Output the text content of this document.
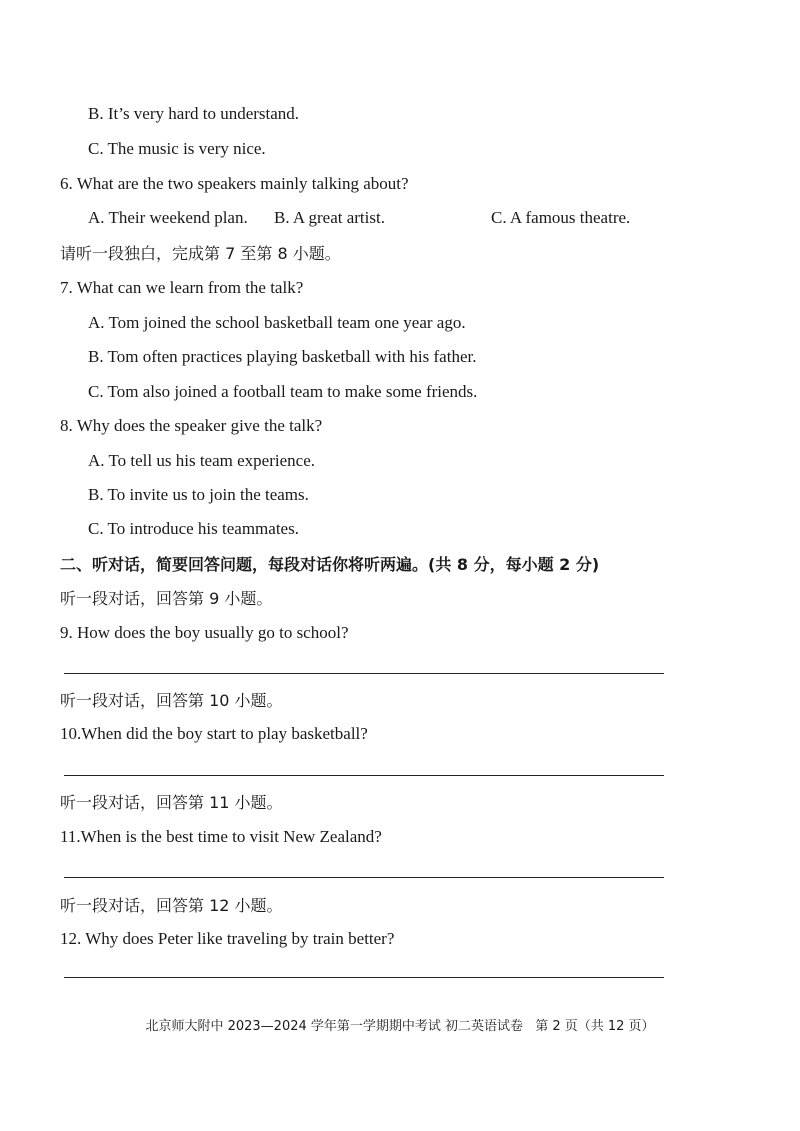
B. It’s very hard to understand.
C. The music is very nice.
6. What are the two speakers mainly talking about?
A. Their weekend plan. B. A great artist.	C. A famous theatre.
请听一段独白，完成第 7 至第 8 小题。
7. What can we learn from the talk?
A. Tom joined the school basketball team one year ago.
B. Tom often practices playing basketball with his father.
C. Tom also joined a football team to make some friends.
8. Why does the speaker give the talk?
A. To tell us his team experience.
B. To invite us to join the teams.
C. To introduce his teammates.
二、听对话，简要回答问题，每段对话你将听两遍。(共 8 分，每小题 2 分)
听一段对话，回答第 9 小题。
9. How does the boy usually go to school?
听一段对话，回答第 10 小题。
10.When did the boy start to play basketball?
听一段对话，回答第 11 小题。
11.When is the best time to visit New Zealand?
听一段对话，回答第 12 小题。
12. Why does Peter like traveling by train better?
北京师大附中 2023—2024 学年第一学期期中考试 初二英语试卷 第 2 页（共 12 页）
